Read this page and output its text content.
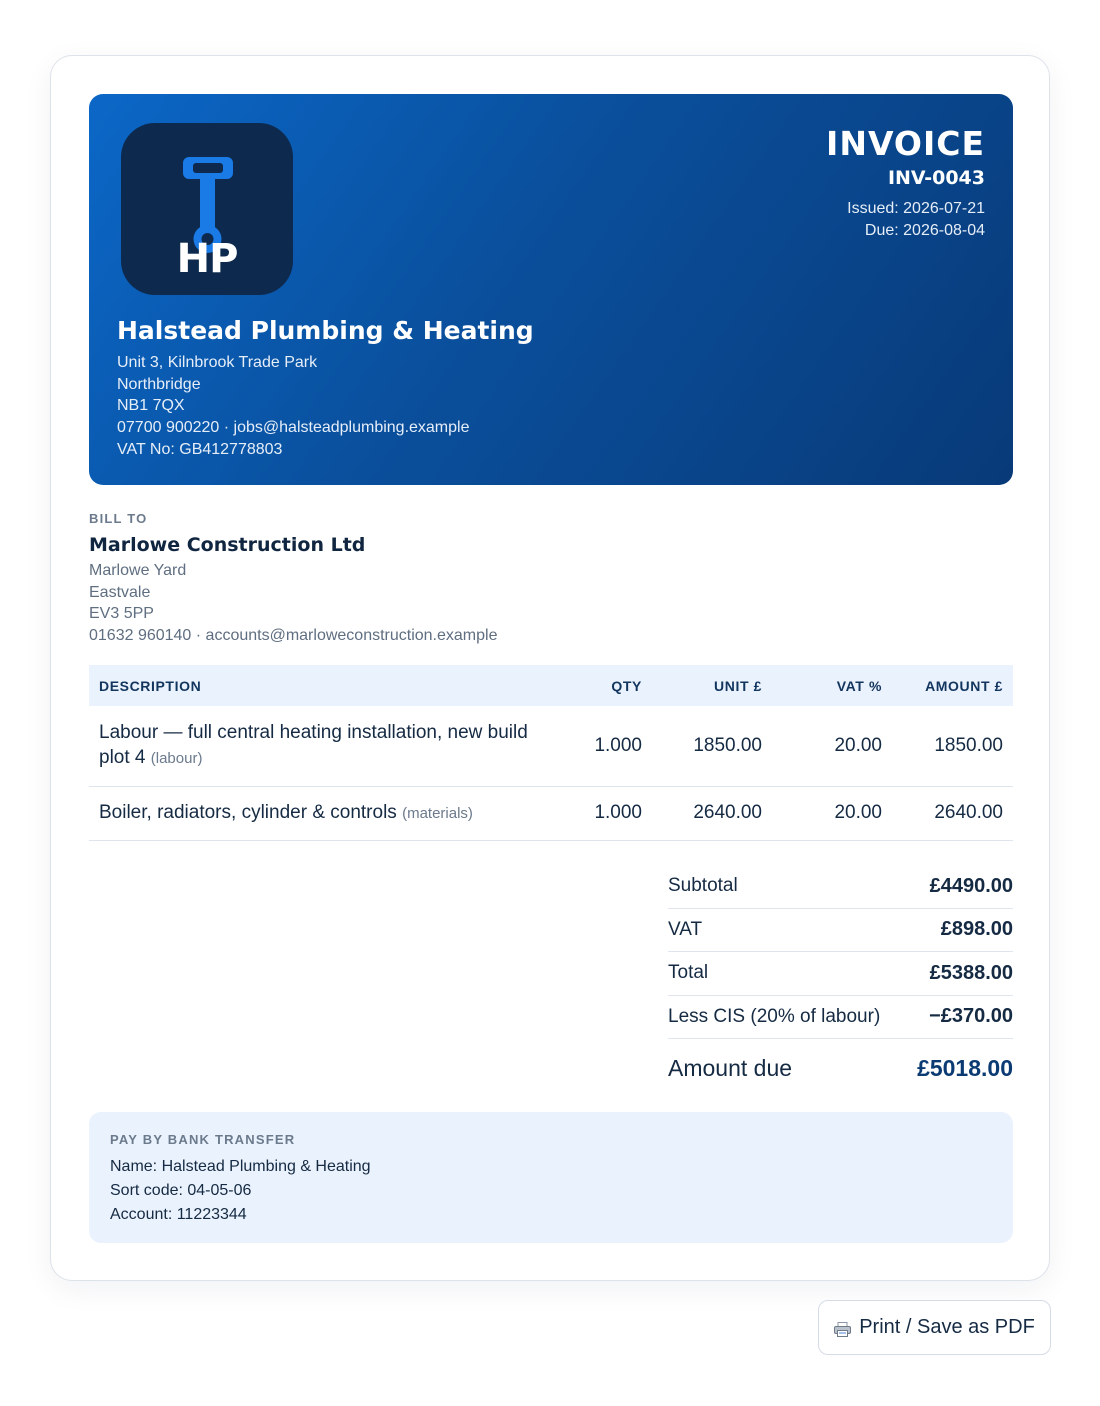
HP
Halstead Plumbing & Heating
Unit 3, Kilnbrook Trade Park
Northbridge
NB1 7QX
07700 900220 · jobs@halsteadplumbing.example
VAT No: GB412778803
INVOICE
INV-0043
Issued: 2026-07-21
Due: 2026-08-04
BILL TO
Marlowe Construction Ltd
Marlowe Yard
Eastvale
EV3 5PP
01632 960140 · accounts@marloweconstruction.example
DESCRIPTION	QTY	UNIT £	VAT %	AMOUNT £
Labour — full central heating installation, new build plot 4 (labour)	1.000	1850.00	20.00	1850.00
Boiler, radiators, cylinder & controls (materials)	1.000	2640.00	20.00	2640.00
Subtotal	£4490.00
VAT	£898.00
Total	£5388.00
Less CIS (20% of labour) −£370.00
Amount due	£5018.00
PAY BY BANK TRANSFER
Name: Halstead Plumbing & Heating
Sort code: 04-05-06
Account: 11223344
Print / Save as PDF
